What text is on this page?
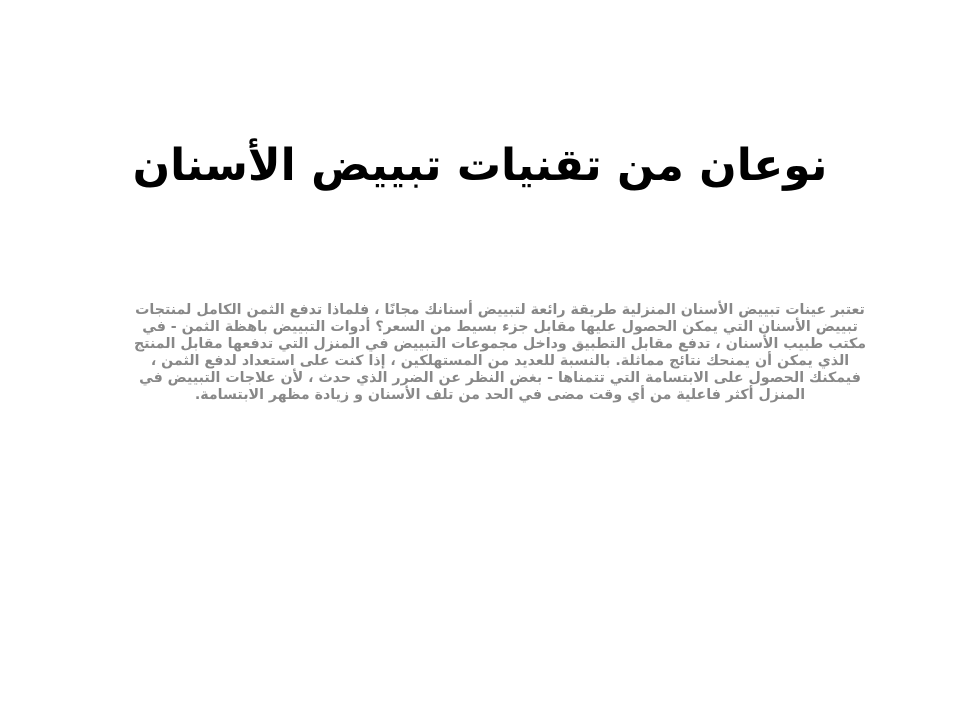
نوعان من تقنيات تبييض الأسنان

تعتبر عينات تبييض الأسنان المنزلية طريقة رائعة لتبييض أسنانك مجانًا ، فلماذا تدفع الثمن الكامل لمنتجات تبييض الأسنان التي يمكن الحصول عليها مقابل جزء بسيط من السعر؟ أدوات التبييض باهظة الثمن - في مكتب طبيب الأسنان ، تدفع مقابل التطبيق وداخل مجموعات التبييض في المنزل التي تدفعها مقابل المنتج الذي يمكن أن يمنحك نتائج مماثلة. بالنسبة للعديد من المستهلكين ، إذا كنت على استعداد لدفع الثمن ، فيمكنك الحصول على الابتسامة التي تتمناها - بغض النظر عن الضرر الذي حدث ، لأن علاجات التبييض في المنزل أكثر فاعلية من أي وقت مضى في الحد من تلف الأسنان و زيادة مظهر الابتسامة.
